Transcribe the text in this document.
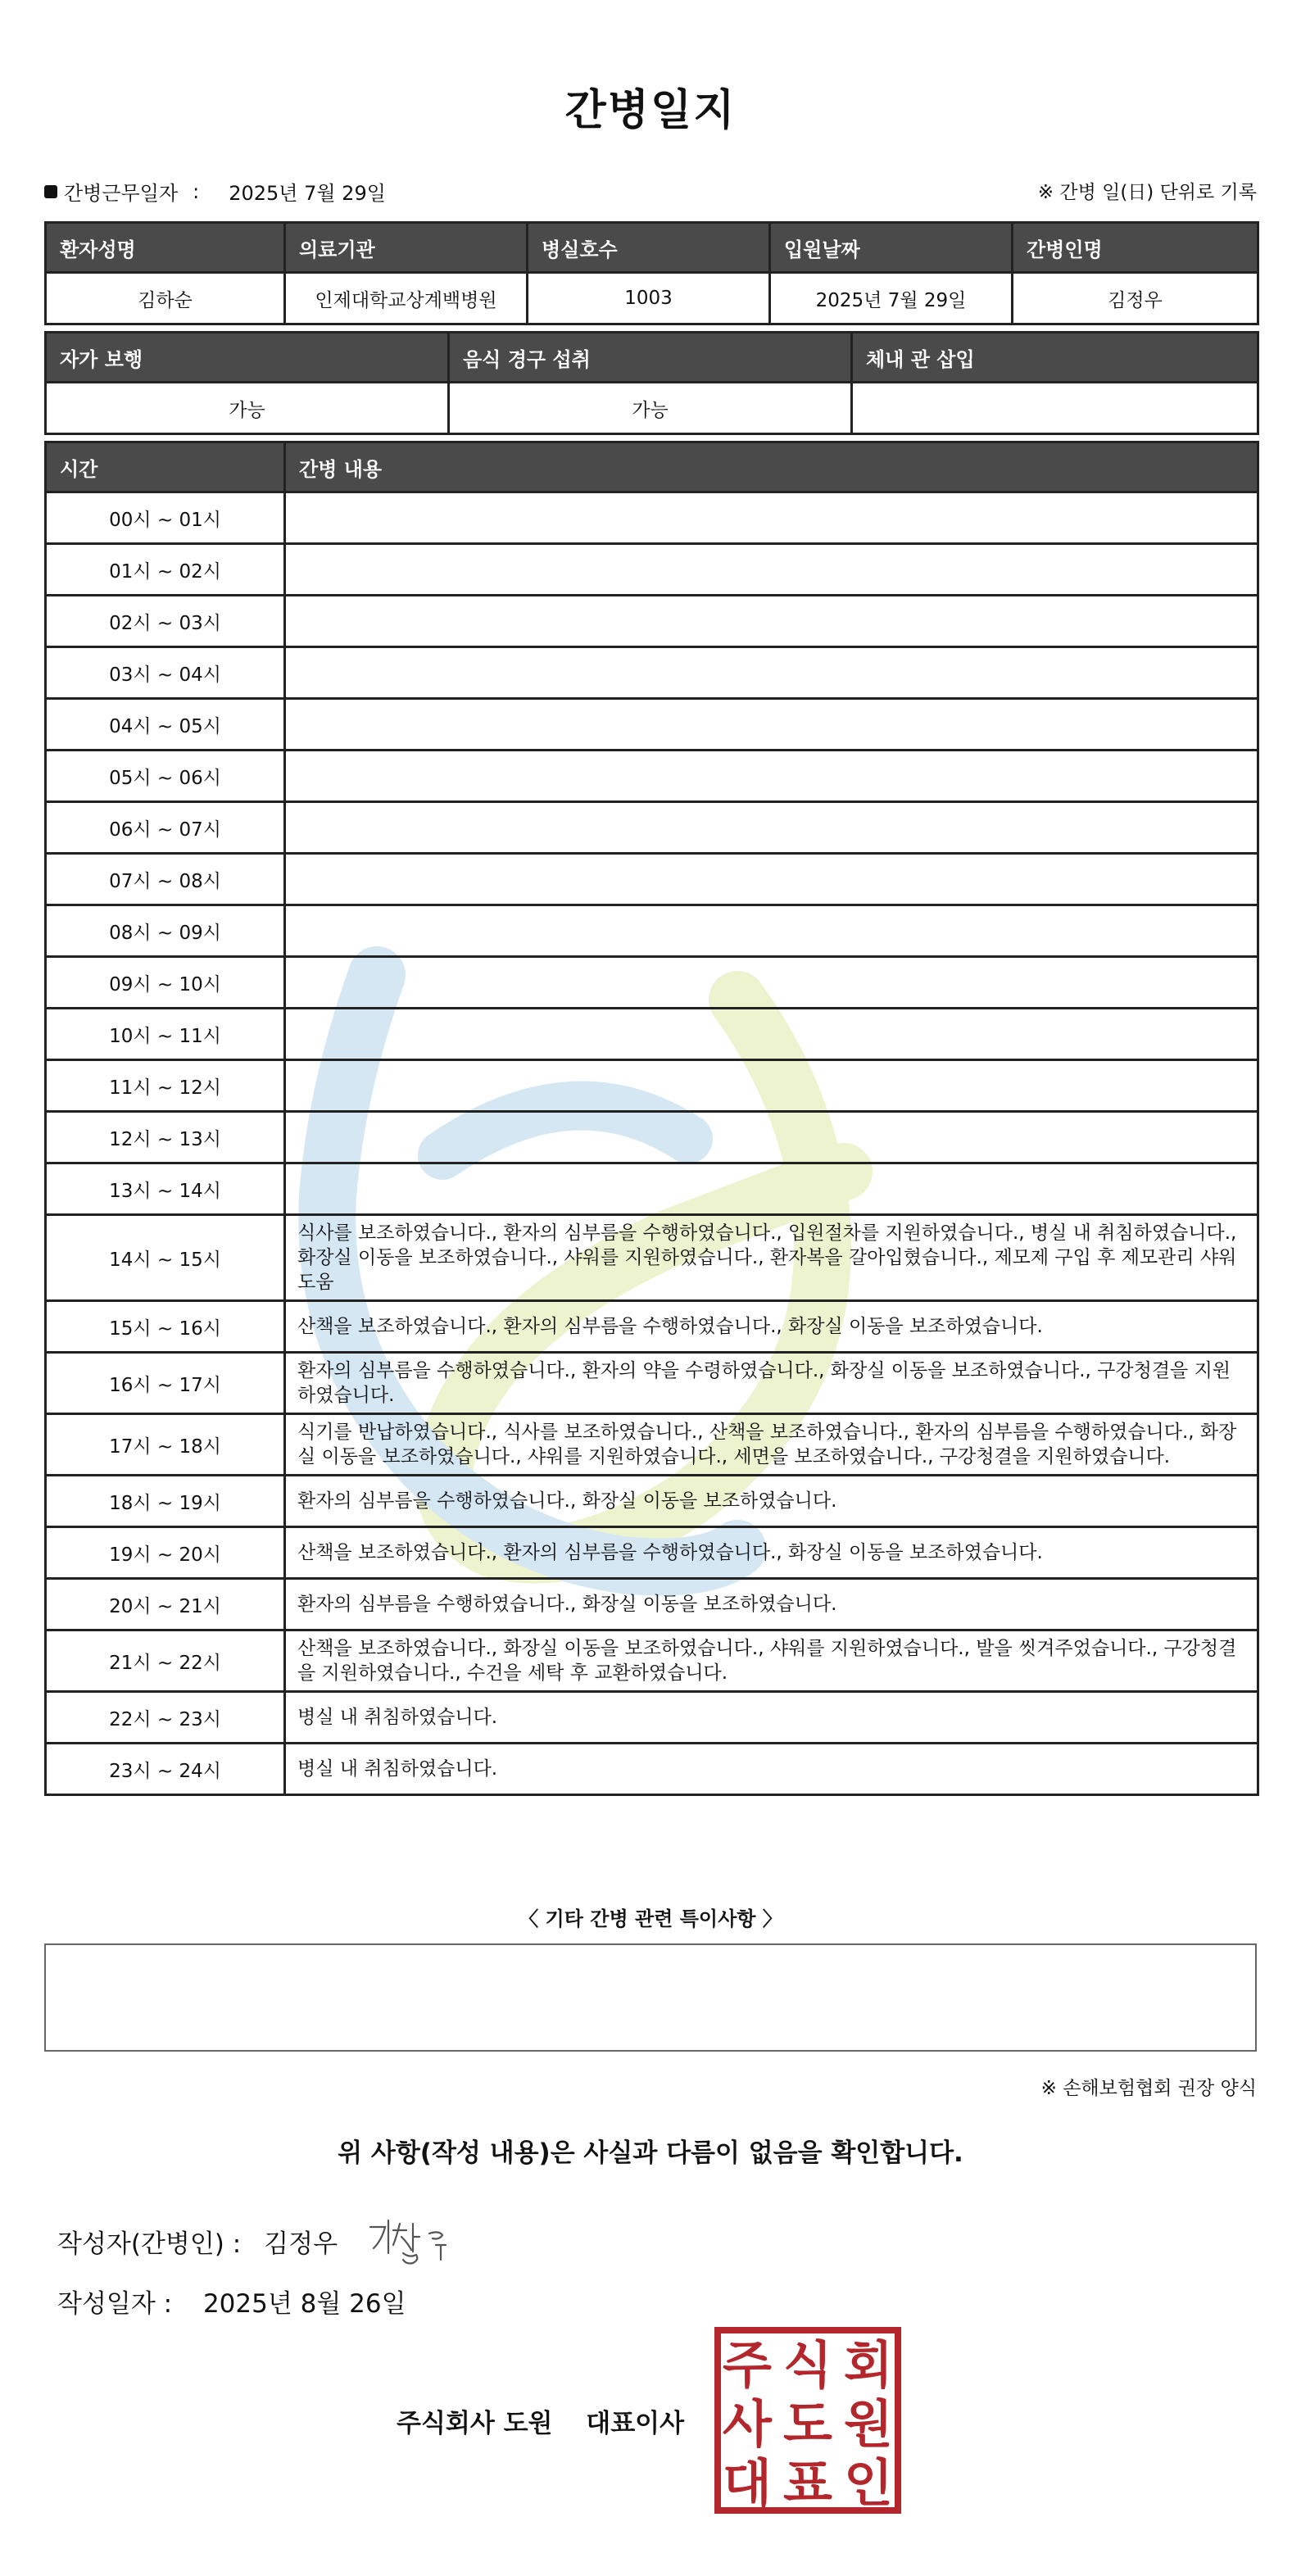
간병일지
간병근무일자 : 2025년 7월 29일	※ 간병 일(日) 단위로 기록
환자성명	의료기관	병실호수	입원날짜	간병인명
김하순	인제대학교상계백병원	1003	2025년 7월 29일	김정우
자가 보행	음식 경구 섭취	체내 관 삽입
가능	가능	
시간	간병 내용
00시 ~ 01시	
01시 ~ 02시	
02시 ~ 03시	
03시 ~ 04시	
04시 ~ 05시	
05시 ~ 06시	
06시 ~ 07시	
07시 ~ 08시	
08시 ~ 09시	
09시 ~ 10시	
10시 ~ 11시	
11시 ~ 12시	
12시 ~ 13시	
13시 ~ 14시	
14시 ~ 15시	식사를 보조하였습니다., 환자의 심부름을 수행하였습니다., 입원절차를 지원하였습니다., 병실 내 취침하였습니다., 화장실 이동을 보조하였습니다., 샤워를 지원하였습니다., 환자복을 갈아입혔습니다., 제모제 구입 후 제모관리 샤워 도움
15시 ~ 16시	산책을 보조하였습니다., 환자의 심부름을 수행하였습니다., 화장실 이동을 보조하였습니다.
16시 ~ 17시	환자의 심부름을 수행하였습니다., 환자의 약을 수령하였습니다., 화장실 이동을 보조하였습니다., 구강청결을 지원하였습니다.
17시 ~ 18시	식기를 반납하였습니다., 식사를 보조하였습니다., 산책을 보조하였습니다., 환자의 심부름을 수행하였습니다., 화장실 이동을 보조하였습니다., 샤워를 지원하였습니다., 세면을 보조하였습니다., 구강청결을 지원하였습니다.
18시 ~ 19시	환자의 심부름을 수행하였습니다., 화장실 이동을 보조하였습니다.
19시 ~ 20시	산책을 보조하였습니다., 환자의 심부름을 수행하였습니다., 화장실 이동을 보조하였습니다.
20시 ~ 21시	환자의 심부름을 수행하였습니다., 화장실 이동을 보조하였습니다.
21시 ~ 22시	산책을 보조하였습니다., 화장실 이동을 보조하였습니다., 샤워를 지원하였습니다., 발을 씻겨주었습니다., 구강청결을 지원하였습니다., 수건을 세탁 후 교환하였습니다.
22시 ~ 23시	병실 내 취침하였습니다.
23시 ~ 24시	병실 내 취침하였습니다.
〈 기타 간병 관련 특이사항 〉
※ 손해보험협회 권장 양식
위 사항(작성 내용)은 사실과 다름이 없음을 확인합니다.
작성자(간병인) : 김정우
작성일자 : 2025년 8월 26일
주식회사 도원 대표이사
주 식 회
사 도 원
대 표 인
